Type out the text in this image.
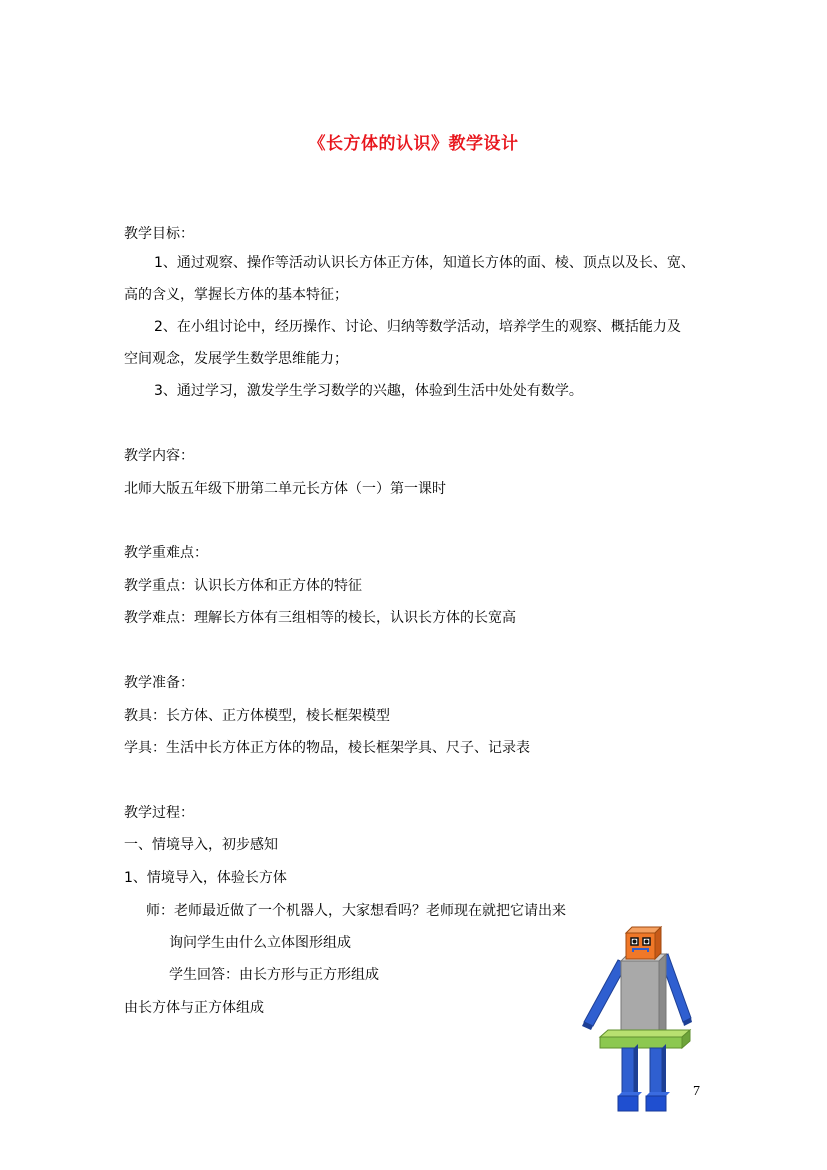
《长方体的认识》教学设计
教学目标：
1、通过观察、操作等活动认识长方体正方体，知道长方体的面、棱、顶点以及长、宽、
高的含义，掌握长方体的基本特征；
2、在小组讨论中，经历操作、讨论、归纳等数学活动，培养学生的观察、概括能力及
空间观念，发展学生数学思维能力；
3、通过学习，激发学生学习数学的兴趣，体验到生活中处处有数学。
教学内容：
北师大版五年级下册第二单元长方体（一）第一课时
教学重难点：
教学重点：认识长方体和正方体的特征
教学难点：理解长方体有三组相等的棱长，认识长方体的长宽高
教学准备：
教具：长方体、正方体模型，棱长框架模型
学具：生活中长方体正方体的物品，棱长框架学具、尺子、记录表
教学过程：
一、情境导入，初步感知
1、情境导入，体验长方体
师：老师最近做了一个机器人，大家想看吗？老师现在就把它请出来
询问学生由什么立体图形组成
学生回答：由长方形与正方形组成
由长方体与正方体组成
7
